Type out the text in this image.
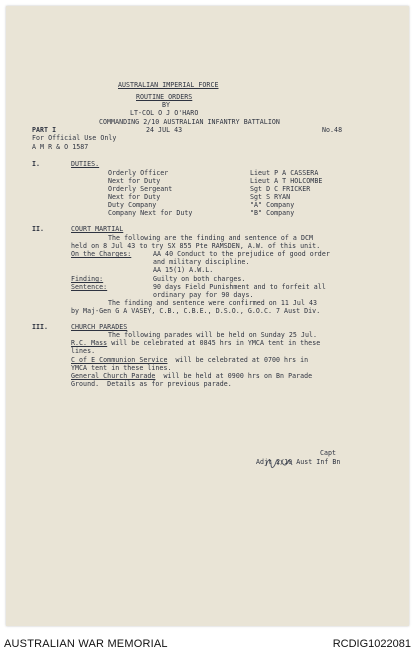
AUSTRALIAN IMPERIAL FORCE
ROUTINE ORDERS
BY
LT-COL O J O'HARO
COMMANDING 2/10 AUSTRALIAN INFANTRY BATTALION
24 JUL 43
PART I	No.48
For Official Use Only
A M R & O 1587
I.	DUTIES.
Orderly Officer	Lieut P A CASSERA
Next for Duty	Lieut A T HOLCOMBE
Orderly Sergeant	Sgt D C FRICKER
Next for Duty	Sgt S RYAN
Duty Company	"A" Company
Company Next for Duty	"B" Company
II.	COURT MARTIAL
The following are the finding and sentence of a DCM
held on 8 Jul 43 to try SX 855 Pte RAMSDEN, A.W. of this unit.
On the Charges:	AA 40 Conduct to the prejudice of good order
and military discipline.
AA 15(1) A.W.L.
Finding:	Guilty on both charges.
Sentence:	90 days Field Punishment and to forfeit all
ordinary pay for 90 days.
The finding and sentence were confirmed on 11 Jul 43
by Maj-Gen G A VASEY, C.B., C.B.E., D.S.O., G.O.C. 7 Aust Div.
III.	CHURCH PARADES
The following parades will be held on Sunday 25 Jul.
R.C. Mass will be celebrated at 0845 hrs in YMCA tent in these
lines.
C of E Communion Service  will be celebrated at 0700 hrs in
YMCA tent in these lines.
General Church Parade  will be held at 0900 hrs on Bn Parade
Ground.  Details as for previous parade.
Capt
Adjt 2/10 Aust Inf Bn
AUSTRALIAN WAR MEMORIAL	RCDIG1022081
